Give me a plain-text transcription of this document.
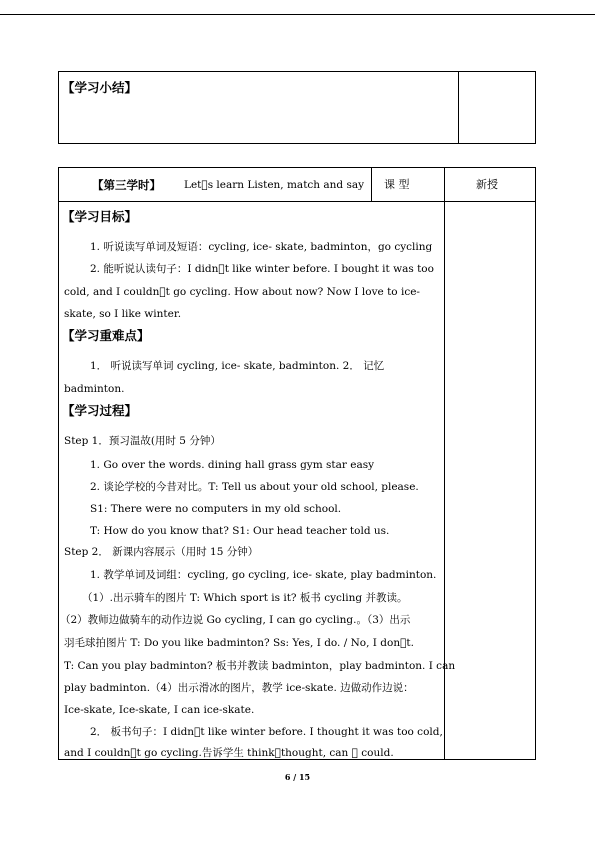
【学习小结】
【第三学时】 Let s learn Listen, match and say 课 型	新授
【学习目标】
1. 听说读写单词及短语：cycling, ice- skate, badminton，go cycling
2. 能听说认读句子：I didn t like winter before. I bought it was too
cold, and I couldn t go cycling. How about now? Now I love to ice-
skate, so I like winter.
【学习重难点】
1． 听说读写单词 cycling, ice- skate, badminton. 2． 记忆
badminton.
【学习过程】
Step 1．预习温故(用时 5 分钟）
1. Go over the words. dining hall grass gym star easy
2. 谈论学校的今昔对比。T: Tell us about your old school, please.
S1: There were no computers in my old school.
T: How do you know that? S1: Our head teacher told us.
Step 2． 新课内容展示（用时 15 分钟）
1. 教学单词及词组：cycling, go cycling, ice- skate, play badminton.
（1）.出示骑车的图片 T: Which sport is it? 板书 cycling 并教读。
（2）教师边做骑车的动作边说 Go cycling, I can go cycling.。（3）出示
羽毛球拍图片 T: Do you like badminton? Ss: Yes, I do. / No, I don t.
T: Can you play badminton? 板书并教读 badminton，play badminton. I can
play badminton.（4）出示滑冰的图片，教学 ice-skate. 边做动作边说：
Ice-skate, Ice-skate, I can ice-skate.
2． 板书句子：I didn t like winter before. I thought it was too cold,
and I couldn t go cycling.告诉学生 think thought, can   could.
6 / 15
